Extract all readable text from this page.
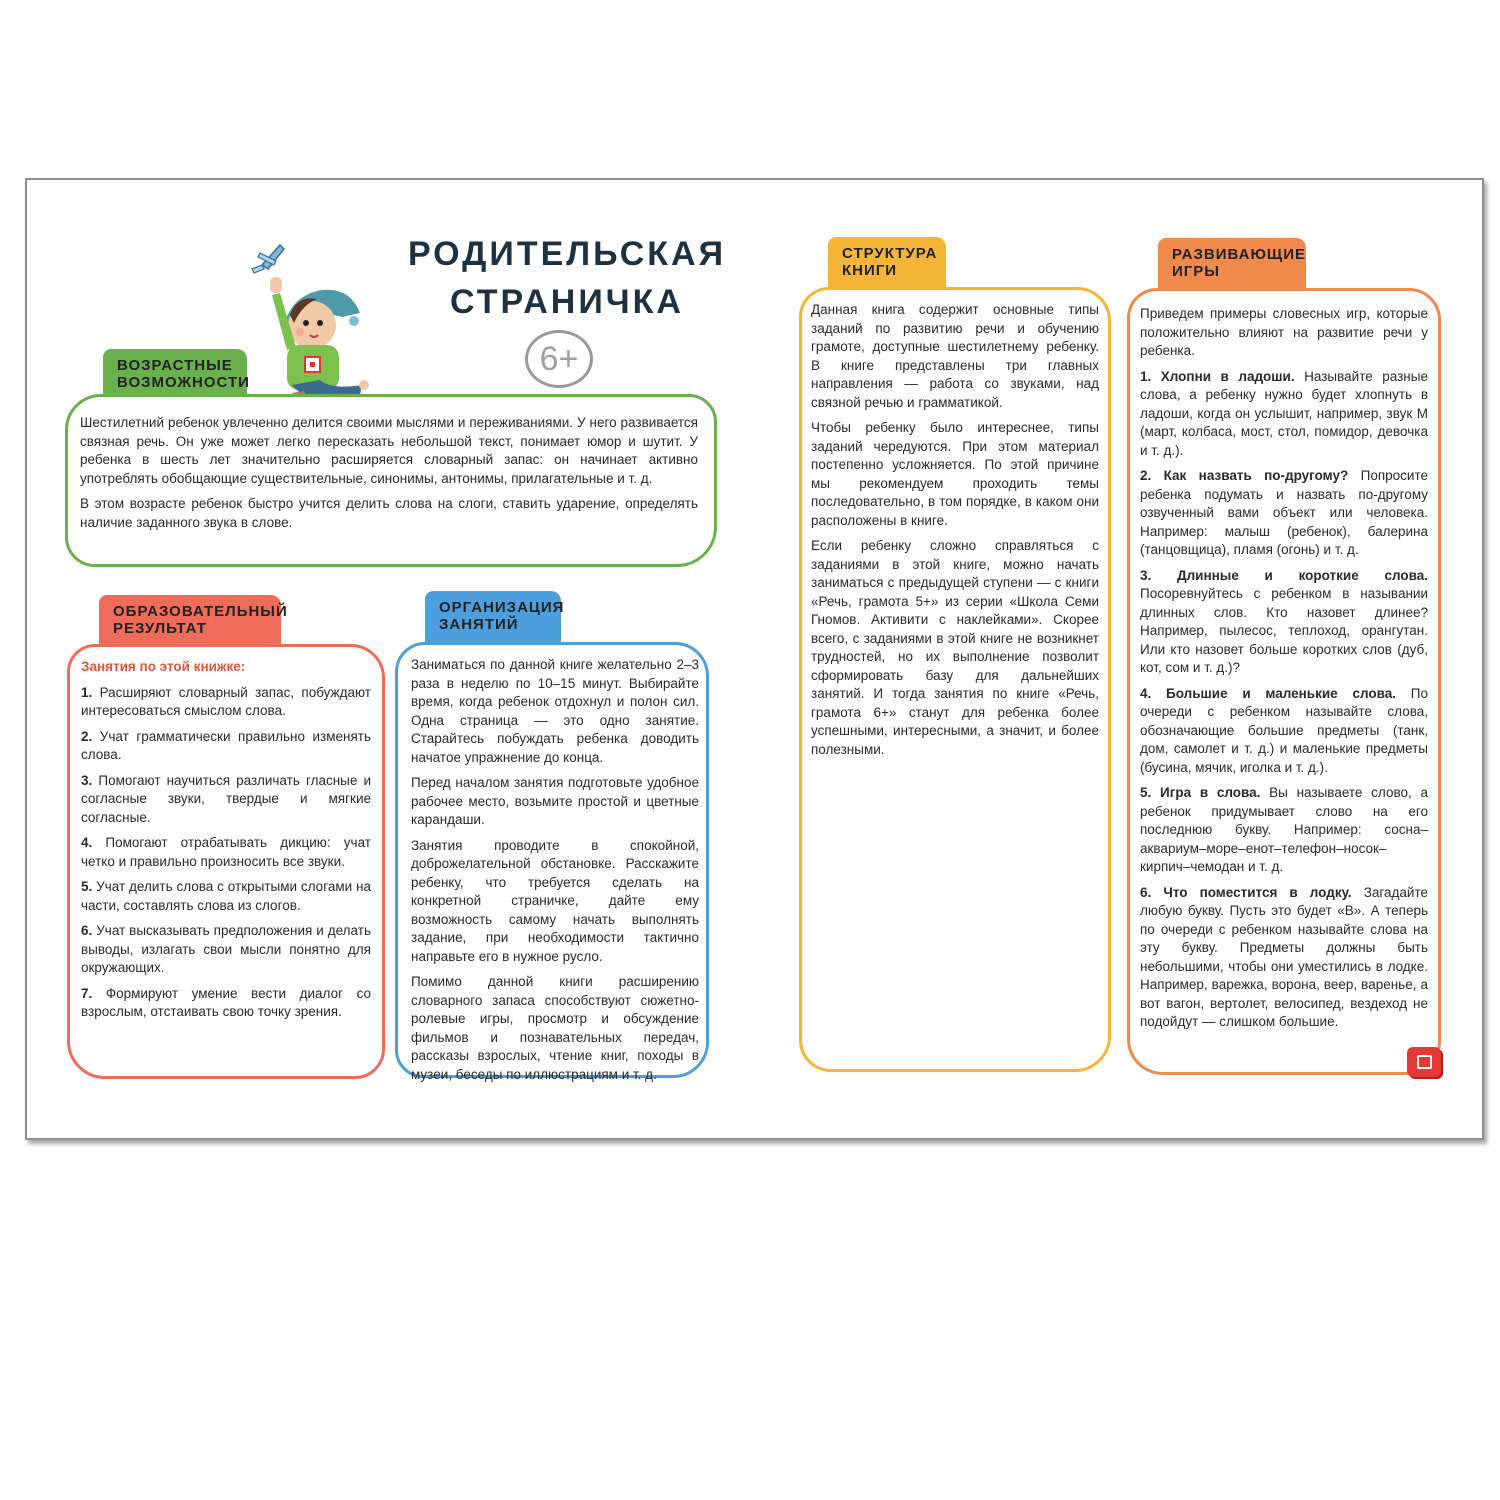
РОДИТЕЛЬСКАЯ СТРАНИЧКА
6+
ВОЗРАСТНЫЕ ВОЗМОЖНОСТИ

Шестилетний ребенок увлеченно делится своими мыслями и переживаниями. У него развивается связная речь. Он уже может легко пересказать небольшой текст, понимает юмор и шутит. У ребенка в шесть лет значительно расширяется словарный запас: он начинает активно употреблять обобщающие существительные, синонимы, антонимы, прилагательные и т. д.

В этом возрасте ребенок быстро учится делить слова на слоги, ставить ударение, определять наличие заданного звука в слове.

ОБРАЗОВАТЕЛЬНЫЙ РЕЗУЛЬТАТ

Занятия по этой книжке:

1. Расширяют словарный запас, побуждают интересоваться смыслом слова.
2. Учат грамматически правильно изменять слова.
3. Помогают научиться различать гласные и согласные звуки, твердые и мягкие согласные.
4. Помогают отрабатывать дикцию: учат четко и правильно произносить все звуки.
5. Учат делить слова с открытыми слогами на части, составлять слова из слогов.
6. Учат высказывать предположения и делать выводы, излагать свои мысли понятно для окружающих.
7. Формируют умение вести диалог со взрослым, отстаивать свою точку зрения.
ОРГАНИЗАЦИЯ ЗАНЯТИЙ

Заниматься по данной книге желательно 2–3 раза в неделю по 10–15 минут. Выбирайте время, когда ребенок отдохнул и полон сил. Одна страница — это одно занятие. Старайтесь побуждать ребенка доводить начатое упражнение до конца.

Перед началом занятия подготовьте удобное рабочее место, возьмите простой и цветные карандаши.

Занятия проводите в спокойной, доброжелательной обстановке. Расскажите ребенку, что требуется сделать на конкретной страничке, дайте ему возможность самому начать выполнять задание, при необходимости тактично направьте его в нужное русло.

Помимо данной книги расширению словарного запаса способствуют сюжетно-ролевые игры, просмотр и обсуждение фильмов и познавательных передач, рассказы взрослых, чтение книг, походы в музеи, беседы по иллюстрациям и т. д.

СТРУКТУРА КНИГИ

Данная книга содержит основные типы заданий по развитию речи и обучению грамоте, доступные шестилетнему ребенку. В книге представлены три главных направления — работа со звуками, над связной речью и грамматикой.

Чтобы ребенку было интереснее, типы заданий чередуются. При этом материал постепенно усложняется. По этой причине мы рекомендуем проходить темы последовательно, в том порядке, в каком они расположены в книге.

Если ребенку сложно справляться с заданиями в этой книге, можно начать заниматься с предыдущей ступени — с книги «Речь, грамота 5+» из серии «Школа Семи Гномов. Активити с наклейками». Скорее всего, с заданиями в этой книге не возникнет трудностей, но их выполнение позволит сформировать базу для дальнейших занятий. И тогда занятия по книге «Речь, грамота 6+» станут для ребенка более успешными, интересными, а значит, и более полезными.

РАЗВИВАЮЩИЕ ИГРЫ

Приведем примеры словесных игр, которые положительно влияют на развитие речи у ребенка.

1. Хлопни в ладоши. Называйте разные слова, а ребенку нужно будет хлопнуть в ладоши, когда он услышит, например, звук М (март, колбаса, мост, стол, помидор, девочка и т. д.).
2. Как назвать по-другому? Попросите ребенка подумать и назвать по-другому озвученный вами объект или человека. Например: малыш (ребенок), балерина (танцовщица), пламя (огонь) и т. д.
3. Длинные и короткие слова. Посоревнуйтесь с ребенком в назывании длинных слов. Кто назовет длинее? Например, пылесос, теплоход, орангутан. Или кто назовет больше коротких слов (дуб, кот, сом и т. д.)?
4. Большие и маленькие слова. По очереди с ребенком называйте слова, обозначающие большие предметы (танк, дом, самолет и т. д.) и маленькие предметы (бусина, мячик, иголка и т. д.).
5. Игра в слова. Вы называете слово, а ребенок придумывает слово на его последнюю букву. Например: сосна–аквариум–море–енот–телефон–носок–кирпич–чемодан и т. д.
6. Что поместится в лодку. Загадайте любую букву. Пусть это будет «В». А теперь по очереди с ребенком называйте слова на эту букву. Предметы должны быть небольшими, чтобы они уместились в лодке. Например, варежка, ворона, веер, варенье, а вот вагон, вертолет, велосипед, вездеход не подойдут — слишком большие.
